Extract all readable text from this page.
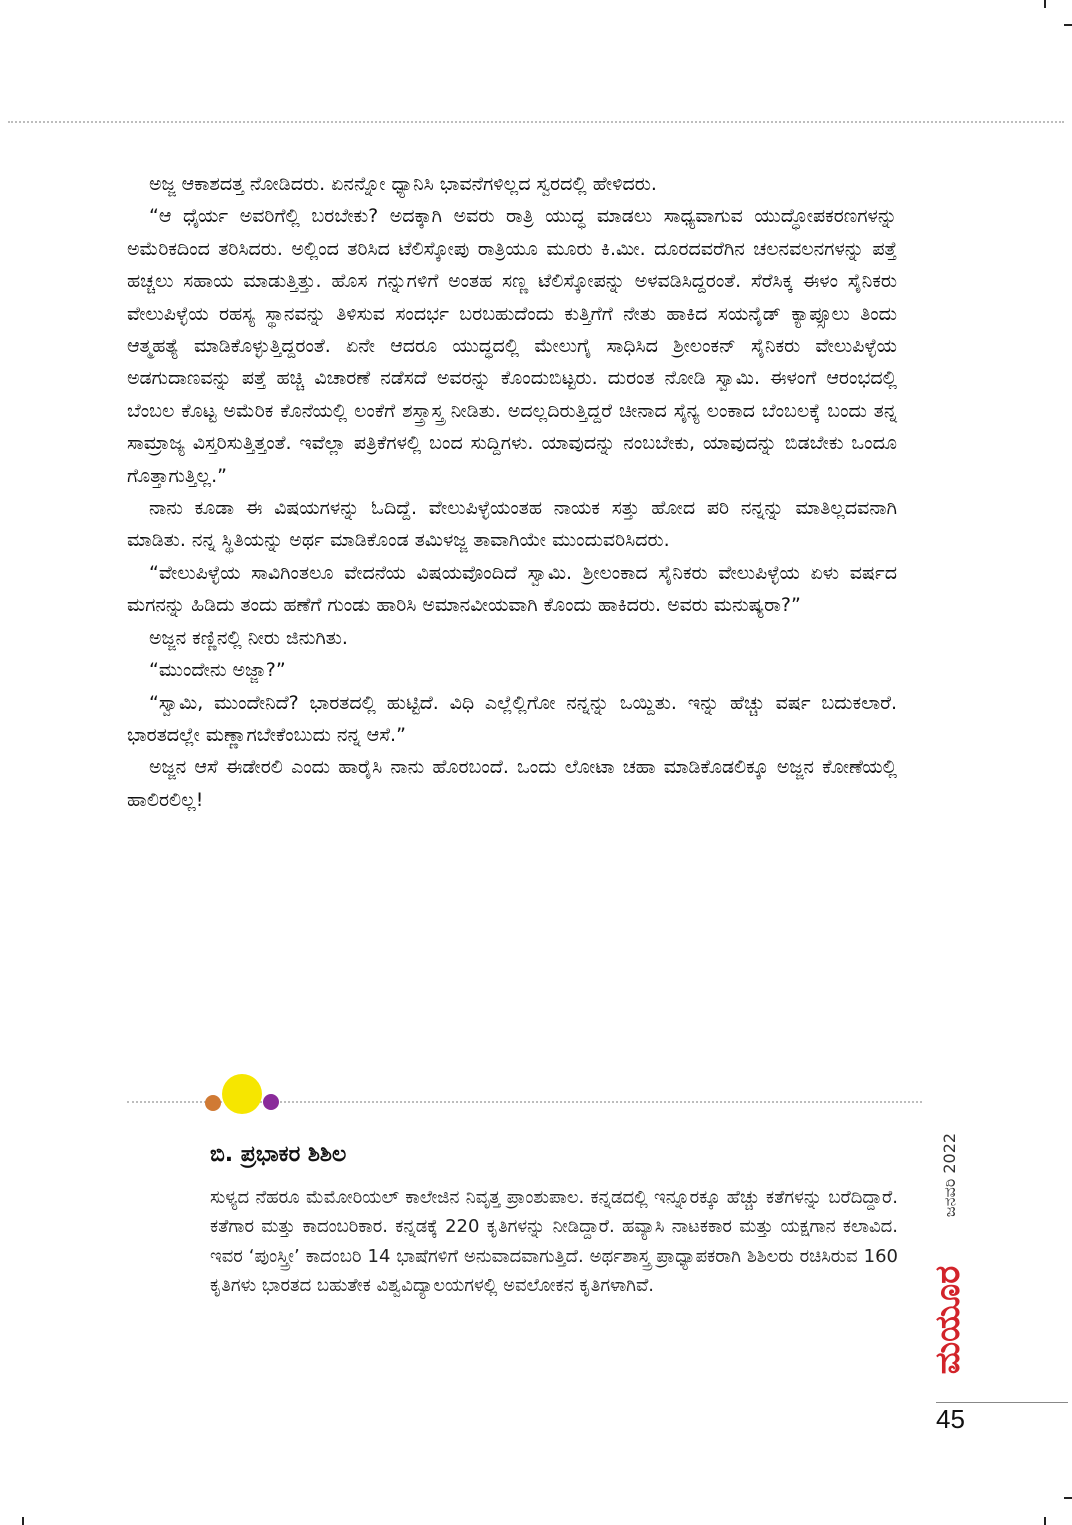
ಅಜ್ಜ ಆಕಾಶದತ್ತ ನೋಡಿದರು. ಏನನ್ನೋ ಧ್ಯಾನಿಸಿ ಭಾವನೆಗಳಿಲ್ಲದ ಸ್ವರದಲ್ಲಿ ಹೇಳಿದರು.

“ಆ ಧೈರ್ಯ ಅವರಿಗೆಲ್ಲಿ ಬರಬೇಕು? ಅದಕ್ಕಾಗಿ ಅವರು ರಾತ್ರಿ ಯುದ್ಧ ಮಾಡಲು ಸಾಧ್ಯವಾಗುವ ಯುದ್ಧೋಪಕರಣಗಳನ್ನು ಅಮೆರಿಕದಿಂದ ತರಿಸಿದರು. ಅಲ್ಲಿಂದ ತರಿಸಿದ ಟೆಲಿಸ್ಕೋಪು ರಾತ್ರಿಯೂ ಮೂರು ಕಿ.ಮೀ. ದೂರದವರೆಗಿನ ಚಲನವಲನಗಳನ್ನು ಪತ್ತೆ ಹಚ್ಚಲು ಸಹಾಯ ಮಾಡುತ್ತಿತ್ತು. ಹೊಸ ಗನ್ನುಗಳಿಗೆ ಅಂತಹ ಸಣ್ಣ ಟೆಲಿಸ್ಕೋಪನ್ನು ಅಳವಡಿಸಿದ್ದರಂತೆ. ಸೆರೆಸಿಕ್ಕ ಈಳಂ ಸೈನಿಕರು ವೇಲುಪಿಳ್ಳೆಯ ರಹಸ್ಯ ಸ್ಥಾನವನ್ನು ತಿಳಿಸುವ ಸಂದರ್ಭ ಬರಬಹುದೆಂದು ಕುತ್ತಿಗೆಗೆ ನೇತು ಹಾಕಿದ ಸಯನೈಡ್ ಕ್ಯಾಪ್ಸೂಲು ತಿಂದು ಆತ್ಮಹತ್ಯೆ ಮಾಡಿಕೊಳ್ಳುತ್ತಿದ್ದರಂತೆ. ಏನೇ ಆದರೂ ಯುದ್ಧದಲ್ಲಿ ಮೇಲುಗೈ ಸಾಧಿಸಿದ ಶ್ರೀಲಂಕನ್ ಸೈನಿಕರು ವೇಲುಪಿಳ್ಳೆಯ ಅಡಗುದಾಣವನ್ನು ಪತ್ತೆ ಹಚ್ಚಿ ವಿಚಾರಣೆ ನಡೆಸದೆ ಅವರನ್ನು ಕೊಂದುಬಿಟ್ಟರು. ದುರಂತ ನೋಡಿ ಸ್ವಾಮಿ. ಈಳಂಗೆ ಆರಂಭದಲ್ಲಿ ಬೆಂಬಲ ಕೊಟ್ಟ ಅಮೆರಿಕ ಕೊನೆಯಲ್ಲಿ ಲಂಕೆಗೆ ಶಸ್ತ್ರಾಸ್ತ್ರ ನೀಡಿತು. ಅದಲ್ಲದಿರುತ್ತಿದ್ದರೆ ಚೀನಾದ ಸೈನ್ಯ ಲಂಕಾದ ಬೆಂಬಲಕ್ಕೆ ಬಂದು ತನ್ನ ಸಾಮ್ರಾಜ್ಯ ವಿಸ್ತರಿಸುತ್ತಿತ್ತಂತೆ. ಇವೆಲ್ಲಾ ಪತ್ರಿಕೆಗಳಲ್ಲಿ ಬಂದ ಸುದ್ದಿಗಳು. ಯಾವುದನ್ನು ನಂಬಬೇಕು, ಯಾವುದನ್ನು ಬಿಡಬೇಕು ಒಂದೂ ಗೊತ್ತಾಗುತ್ತಿಲ್ಲ.”

ನಾನು ಕೂಡಾ ಈ ವಿಷಯಗಳನ್ನು ಓದಿದ್ದೆ. ವೇಲುಪಿಳ್ಳೆಯಂತಹ ನಾಯಕ ಸತ್ತು ಹೋದ ಪರಿ ನನ್ನನ್ನು ಮಾತಿಲ್ಲದವನಾಗಿ ಮಾಡಿತು. ನನ್ನ ಸ್ಥಿತಿಯನ್ನು ಅರ್ಥ ಮಾಡಿಕೊಂಡ ತಮಿಳಜ್ಜ ತಾವಾಗಿಯೇ ಮುಂದುವರಿಸಿದರು.

“ವೇಲುಪಿಳ್ಳೆಯ ಸಾವಿಗಿಂತಲೂ ವೇದನೆಯ ವಿಷಯವೊಂದಿದೆ ಸ್ವಾಮಿ. ಶ್ರೀಲಂಕಾದ ಸೈನಿಕರು ವೇಲುಪಿಳ್ಳೆಯ ಏಳು ವರ್ಷದ ಮಗನನ್ನು ಹಿಡಿದು ತಂದು ಹಣೆಗೆ ಗುಂಡು ಹಾರಿಸಿ ಅಮಾನವೀಯವಾಗಿ ಕೊಂದು ಹಾಕಿದರು. ಅವರು ಮನುಷ್ಯರಾ?”

ಅಜ್ಜನ ಕಣ್ಣಿನಲ್ಲಿ ನೀರು ಜಿನುಗಿತು.

“ಮುಂದೇನು ಅಜ್ಜಾ?”

“ಸ್ವಾಮಿ, ಮುಂದೇನಿದೆ? ಭಾರತದಲ್ಲಿ ಹುಟ್ಟಿದೆ. ವಿಧಿ ಎಲ್ಲೆಲ್ಲಿಗೋ ನನ್ನನ್ನು ಒಯ್ದಿತು. ಇನ್ನು ಹೆಚ್ಚು ವರ್ಷ ಬದುಕಲಾರೆ. ಭಾರತದಲ್ಲೇ ಮಣ್ಣಾಗಬೇಕೆಂಬುದು ನನ್ನ ಆಸೆ.”

ಅಜ್ಜನ ಆಸೆ ಈಡೇರಲಿ ಎಂದು ಹಾರೈಸಿ ನಾನು ಹೊರಬಂದೆ. ಒಂದು ಲೋಟಾ ಚಹಾ ಮಾಡಿಕೊಡಲಿಕ್ಕೂ ಅಜ್ಜನ ಕೋಣೆಯಲ್ಲಿ ಹಾಲಿರಲಿಲ್ಲ!

ಬಿ. ಪ್ರಭಾಕರ ಶಿಶಿಲ
ಸುಳ್ಯದ ನೆಹರೂ ಮೆಮೋರಿಯಲ್ ಕಾಲೇಜಿನ ನಿವೃತ್ತ ಪ್ರಾಂಶುಪಾಲ. ಕನ್ನಡದಲ್ಲಿ ಇನ್ನೂರಕ್ಕೂ ಹೆಚ್ಚು ಕತೆಗಳನ್ನು ಬರೆದಿದ್ದಾರೆ. ಕತೆಗಾರ ಮತ್ತು ಕಾದಂಬರಿಕಾರ. ಕನ್ನಡಕ್ಕೆ 220 ಕೃತಿಗಳನ್ನು ನೀಡಿದ್ದಾರೆ. ಹವ್ಯಾಸಿ ನಾಟಕಕಾರ ಮತ್ತು ಯಕ್ಷಗಾನ ಕಲಾವಿದ. ಇವರ ‘ಪುಂಸ್ತ್ರೀ’ ಕಾದಂಬರಿ 14 ಭಾಷೆಗಳಿಗೆ ಅನುವಾದವಾಗುತ್ತಿದೆ. ಅರ್ಥಶಾಸ್ತ್ರ ಪ್ರಾಧ್ಯಾಪಕರಾಗಿ ಶಿಶಿಲರು ರಚಿಸಿರುವ 160 ಕೃತಿಗಳು ಭಾರತದ ಬಹುತೇಕ ವಿಶ್ವವಿದ್ಯಾಲಯಗಳಲ್ಲಿ ಅವಲೋಕನ ಕೃತಿಗಳಾಗಿವೆ.
ಜನವರಿ 2022
ಮಯೂರ
45
